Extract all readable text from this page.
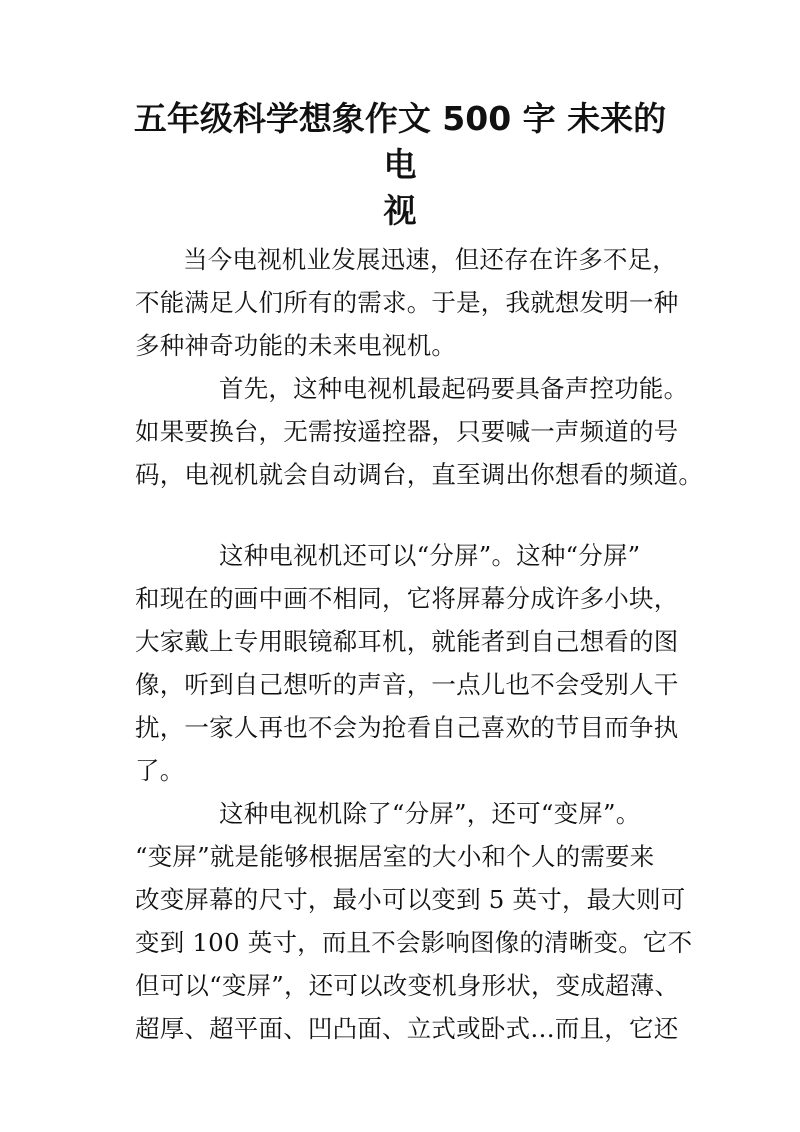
五年级科学想象作文 500 字 未来的电
视
当今电视机业发展迅速，但还存在许多不足，
不能满足人们所有的需求。于是，我就想发明一种
多种神奇功能的未来电视机。
首先，这种电视机最起码要具备声控功能。
如果要换台，无需按遥控器，只要喊一声频道的号
码，电视机就会自动调台，直至调出你想看的频道。
这种电视机还可以“分屏”。这种“分屏”
和现在的画中画不相同，它将屏幕分成许多小块，
大家戴上专用眼镜郗耳机，就能者到自己想看的图
像，听到自己想听的声音，一点儿也不会受别人干
扰，一家人再也不会为抢看自己喜欢的节目而争执
了。
这种电视机除了“分屏”，还可“变屏”。
“变屏”就是能够根据居室的大小和个人的需要来
改变屏幕的尺寸，最小可以变到 5 英寸，最大则可
变到 100 英寸，而且不会影响图像的清晰变。它不
但可以“变屏”，还可以改变机身形状，变成超薄、
超厚、超平面、凹凸面、立式或卧式…而且，它还
